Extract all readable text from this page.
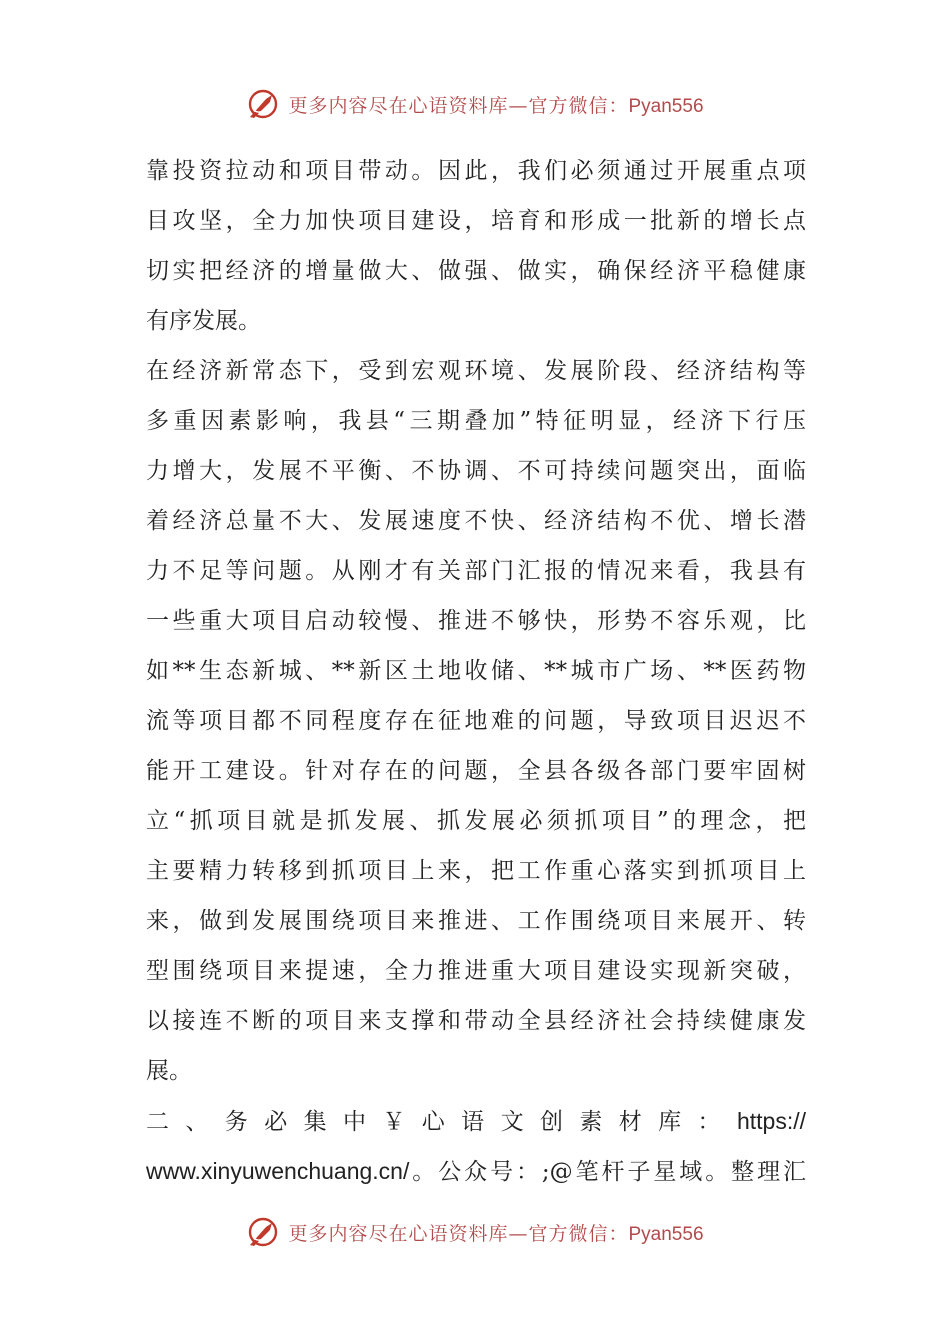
更多内容尽在心语资料库—官方微信：Pyan556
靠投资拉动和项目带动。因此，我们必须通过开展重点项
目攻坚，全力加快项目建设，培育和形成一批新的增长点
切实把经济的增量做大、做强、做实，确保经济平稳健康
有序发展。
在经济新常态下，受到宏观环境、发展阶段、经济结构等
多重因素影响，我县“三期叠加”特征明显，经济下行压
力增大，发展不平衡、不协调、不可持续问题突出，面临
着经济总量不大、发展速度不快、经济结构不优、增长潜
力不足等问题。从刚才有关部门汇报的情况来看，我县有
一些重大项目启动较慢、推进不够快，形势不容乐观，比
如**生态新城、**新区土地收储、**城市广场、**医药物
流等项目都不同程度存在征地难的问题，导致项目迟迟不
能开工建设。针对存在的问题，全县各级各部门要牢固树
立“抓项目就是抓发展、抓发展必须抓项目”的理念，把
主要精力转移到抓项目上来，把工作重心落实到抓项目上
来，做到发展围绕项目来推进、工作围绕项目来展开、转
型围绕项目来提速，全力推进重大项目建设实现新突破，
以接连不断的项目来支撑和带动全县经济社会持续健康发
展。
二、务必集中￥心语文创素材库：https://
www.xinyuwenchuang.cn/。公众号：;@笔杆子星域。整理汇
更多内容尽在心语资料库—官方微信：Pyan556
